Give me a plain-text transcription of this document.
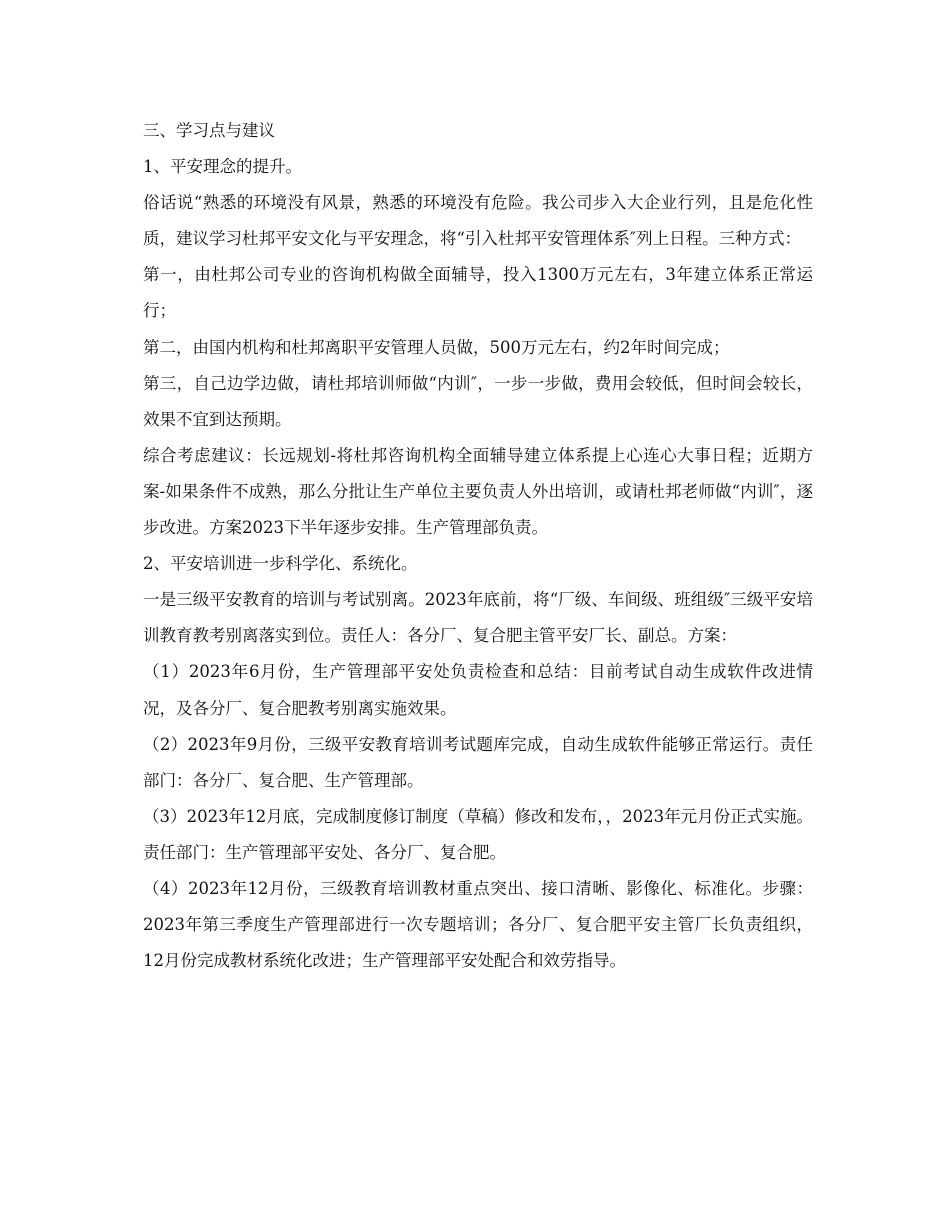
三、学习点与建议

1、平安理念的提升。

俗话说“熟悉的环境没有风景，熟悉的环境没有危险。我公司步入大企业行列，且是危化性质，建议学习杜邦平安文化与平安理念，将“引入杜邦平安管理体系″列上日程。三种方式：

第一，由杜邦公司专业的咨询机构做全面辅导，投入1300万元左右，3年建立体系正常运行；

第二，由国内机构和杜邦离职平安管理人员做，500万元左右，约2年时间完成；

第三，自己边学边做，请杜邦培训师做“内训″，一步一步做，费用会较低，但时间会较长，效果不宜到达预期。

综合考虑建议：长远规划-将杜邦咨询机构全面辅导建立体系提上心连心大事日程；近期方案-如果条件不成熟，那么分批让生产单位主要负责人外出培训，或请杜邦老师做“内训″，逐步改进。方案2023下半年逐步安排。生产管理部负责。

2、平安培训进一步科学化、系统化。

一是三级平安教育的培训与考试别离。2023年底前，将“厂级、车间级、班组级″三级平安培训教育教考别离落实到位。责任人：各分厂、复合肥主管平安厂长、副总。方案：

（1）2023年6月份，生产管理部平安处负责检查和总结：目前考试自动生成软件改进情况，及各分厂、复合肥教考别离实施效果。

（2）2023年9月份，三级平安教育培训考试题库完成，自动生成软件能够正常运行。责任部门：各分厂、复合肥、生产管理部。

（3）2023年12月底，完成制度修订制度（草稿）修改和发布，，2023年元月份正式实施。责任部门：生产管理部平安处、各分厂、复合肥。

（4）2023年12月份，三级教育培训教材重点突出、接口清晰、影像化、标准化。步骤：2023年第三季度生产管理部进行一次专题培训；各分厂、复合肥平安主管厂长负责组织，12月份完成教材系统化改进；生产管理部平安处配合和效劳指导。
